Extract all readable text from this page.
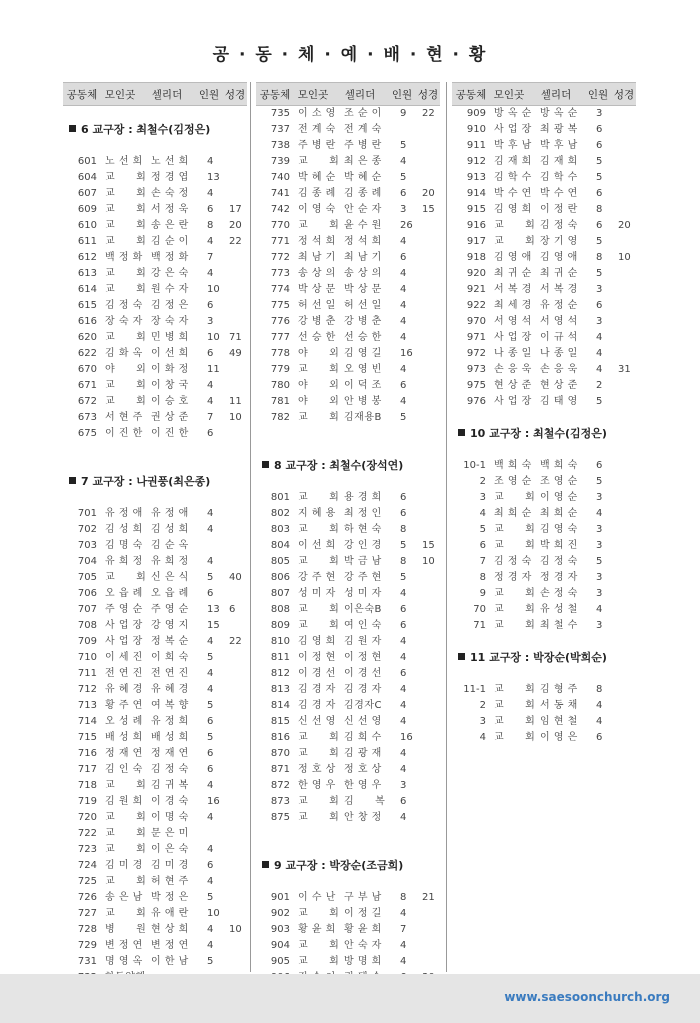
공 · 동 · 체 · 예 · 배 · 현 · 황
공동체 모인곳	셀리더	인원 성경
6 교구장 : 최철수(김정은)
601 노 선 희 노 선 희	4
604 교　　회 정 경 엽	13
607 교　　회 손 숙 정	4
609 교　　회 서 정 욱	6	17
610 교　　회 송 은 란	8	20
611 교　　회 김 순 이	4	22
612 백 정 화 백 정 화	7
613 교　　회 강 은 숙	4
614 교　　회 원 수 자	10
615 김 정 숙 김 정 은	6
616 장 숙 자 장 숙 자	3
620 교　　회 민 병 희	10 71
622 김 화 옥 이 선 희	6	49
670 야　　외 이 화 정	11
671 교　　회 이 창 국	4
672 교　　회 이 승 호	4	11
673 서 현 주 권 상 준	7	10
675 이 진 한 이 진 한	6
7 교구장 : 나권풍(최은종)
701 유 정 애 유 정 애	4
702 김 성 희 김 성 희	4
703 김 명 숙 김 순 옥
704 유 희 정 유 희 정	4
705 교　　회 신 은 식	5	40
706 오 읍 례 오 읍 례	6
707 주 영 순 주 영 순	13 6
708 사 업 장 강 영 지	15
709 사 업 장 정 복 순	4	22
710 이 세 진 이 희 숙	5
711 전 연 진 전 연 진	4
712 유 혜 경 유 혜 경	4
713 황 주 연 여 복 향	5
714 오 성 례 유 정 희	6
715 배 성 희 배 성 희	5
716 정 재 연 정 재 연	6
717 김 인 숙 김 정 숙	6
718 교　　회 김 귀 복	4
719 김 원 희 이 경 숙	16
720 교　　회 이 명 숙	4
722 교　　회 문 은 미
723 교　　회 이 은 숙	4
724 김 미 경 김 미 경	6
725 교　　회 허 현 주	4
726 송 은 남 박 정 은	5
727 교　　회 유 애 란	10
728 병　　원 현 상 희	4	10
729 변 정 연 변 정 연	4
731 명 영 옥 이 한 남	5
공동체 모인곳	셀리더	인원 성경
735 이 소 영 조 순 이	9	22
737 전 계 숙 전 계 숙
738 주 병 란 주 병 란	5
739 교　　회 최 은 종	4
740 박 혜 순 박 혜 순	5
741 김 종 례 김 종 례	6	20
742 이 영 숙 안 순 자	3	15
770 교　　회 윤 수 원	26
771 정 석 희 정 석 희	4
772 최 남 기 최 남 기	6
773 송 상 의 송 상 의	4
774 박 상 문 박 상 문	4
775 허 선 일 허 선 일	4
776 강 병 춘 강 병 춘	4
777 선 승 한 선 승 한	4
778 야　　외 김 영 길	16
779 교　　회 오 영 빈	4
780 야　　외 이 덕 조	6
781 야　　외 안 병 봉	4
782 교　　회 김재용B	5
8 교구장 : 최철수(장석연)
801 교　　회 용 경 희	6
802 지 혜 용 최 정 인	6
803 교　　회 하 현 숙	8
804 이 선 희 강 인 경	5	15
805 교　　회 박 금 남	8	10
806 강 주 현 강 주 현	5
807 성 미 자 성 미 자	4
808 교　　회 이은숙B	6
809 교　　회 여 인 숙	6
810 김 영 희 김 원 자	4
811 이 정 현 이 정 현	4
812 이 경 선 이 경 선	6
813 김 경 자 김 경 자	4
814 김 경 자 김경자C	4
815 신 선 영 신 선 영	4
816 교　　회 김 희 수	16
870 교　　회 김 광 재	4
871 정 호 상 정 호 상	4
872 한 영 우 한 영 우	3
873 교　　회 김　　복	6
875 교　　회 안 창 정	4
9 교구장 : 박장순(조금희)
901 이 수 난 구 부 남	8	21
902 교　　회 이 정 길	4
903 황 윤 희 황 윤 희	7
904 교　　회 안 숙 자	4
905 교　　회 방 명 희	4
공동체 모인곳	셀리더	인원 성경
909 방 옥 순 방 옥 순	3
910 사 업 장 최 광 복	6
911 박 후 남 박 후 남	6
912 김 재 희 김 재 희	5
913 김 학 수 김 학 수	5
914 박 수 연 박 수 연	6
915 김 영 희 이 정 란	8
916 교　　회 김 정 숙	6	20
917 교　　회 장 기 영	5
918 김 영 애 김 영 애	8	10
920 최 귀 순 최 귀 순	5
921 서 복 경 서 복 경	3
922 최 세 경 유 정 순	6
970 서 영 석 서 영 석	3
971 사 업 장 이 규 석	4
972 나 종 일 나 종 일	4
973 손 응 욱 손 응 욱	4	31
975 현 상 준 현 상 준	2
976 사 업 장 김 태 영	5
10 교구장 : 최철수(김정은)
10-1 백 희 숙 백 희 숙	6
2 조 영 순 조 영 순	5
3 교　　회 이 영 순	3
4 최 희 순 최 희 순	4
5 교　　회 김 영 숙	3
6 교　　회 박 희 진	3
7 김 정 숙 김 정 숙	5
8 정 경 자 정 경 자	3
9 교　　회 손 정 숙	3
70 교　　회 유 성 철	4
71 교　　회 최 철 수	3
11 교구장 : 박장순(박희순)
11-1 교　　회 김 형 주	8
2 교　　회 서 동 채	4
3 교　　회 임 현 철	4
4 교　　회 이 영 은	6
www.saesoonchurch.org
